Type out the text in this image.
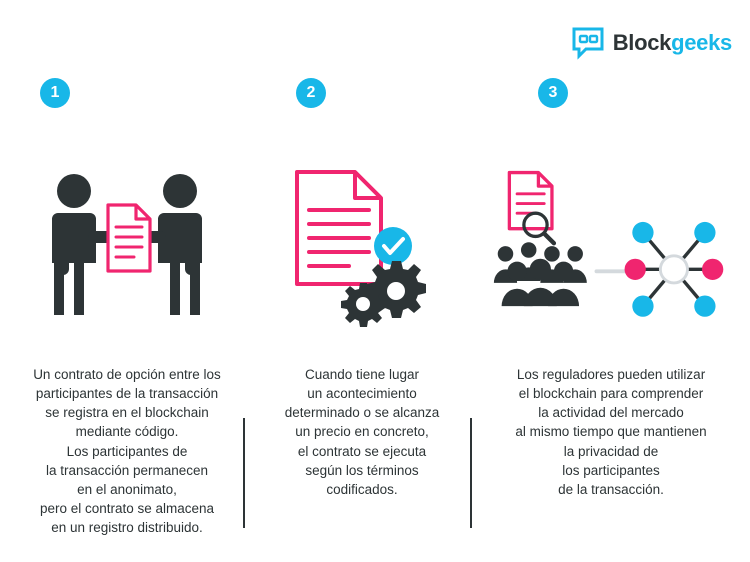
Blockgeeks
1
Un contrato de opción entre los
participantes de la transacción
se registra en el blockchain
mediante código.
Los participantes de
la transacción permanecen
en el anonimato,
pero el contrato se almacena
en un registro distribuido.
2
Cuando tiene lugar
un acontecimiento
determinado o se alcanza
un precio en concreto,
el contrato se ejecuta
según los términos
codificados.
3
Los reguladores pueden utilizar
el blockchain para comprender
la actividad del mercado
al mismo tiempo que mantienen
la privacidad de
los participantes
de la transacción.
